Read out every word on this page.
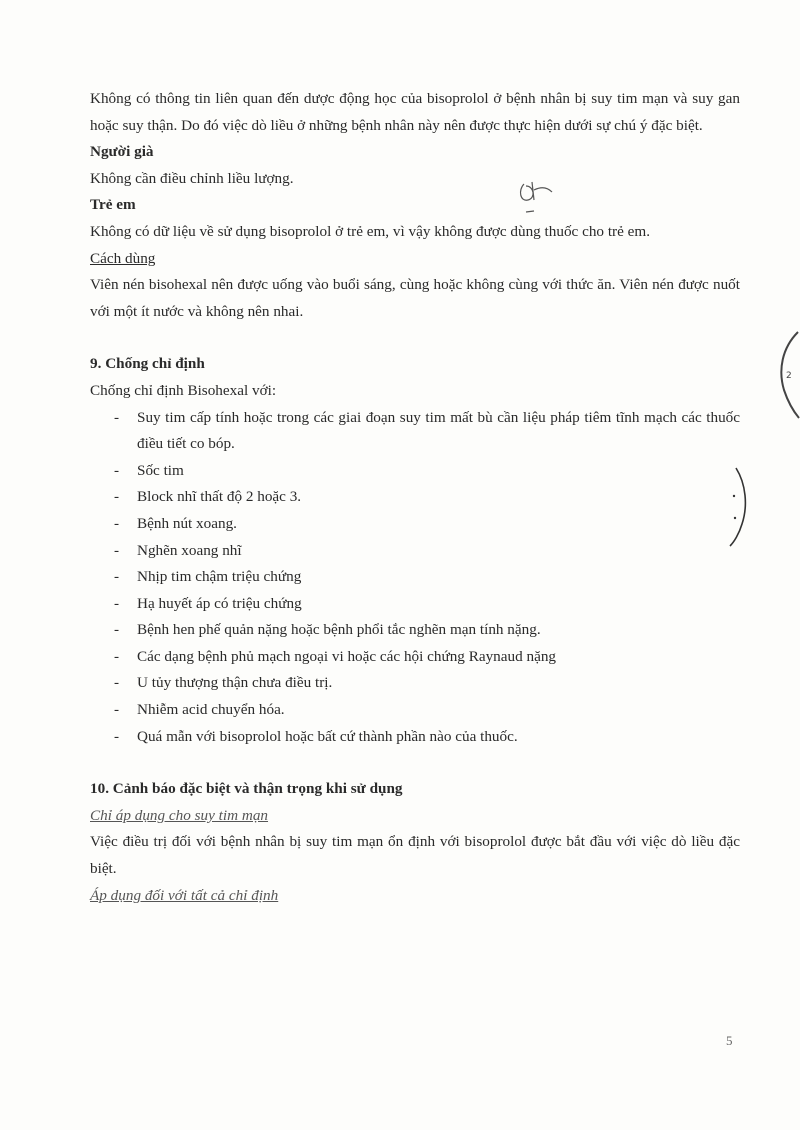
2

Không có thông tin liên quan đến dược động học của bisoprolol ở bệnh nhân bị suy tim mạn và suy gan hoặc suy thận. Do đó việc dò liều ở những bệnh nhân này nên được thực hiện dưới sự chú ý đặc biệt.

Người già

Không cần điều chỉnh liều lượng.

Trẻ em

Không có dữ liệu về sử dụng bisoprolol ở trẻ em, vì vậy không được dùng thuốc cho trẻ em.

Cách dùng

Viên nén bisohexal nên được uống vào buổi sáng, cùng hoặc không cùng với thức ăn. Viên nén được nuốt với một ít nước và không nên nhai.

9. Chống chỉ định

Chống chỉ định Bisohexal với:

- Suy tim cấp tính hoặc trong các giai đoạn suy tim mất bù cần liệu pháp tiêm tĩnh mạch các thuốc điều tiết co bóp.
- Sốc tim
- Block nhĩ thất độ 2 hoặc 3.
- Bệnh nút xoang.
- Nghẽn xoang nhĩ
- Nhịp tim chậm triệu chứng
- Hạ huyết áp có triệu chứng
- Bệnh hen phế quản nặng hoặc bệnh phổi tắc nghẽn mạn tính nặng.
- Các dạng bệnh phủ mạch ngoại vi hoặc các hội chứng Raynaud nặng
- U tủy thượng thận chưa điều trị.
- Nhiễm acid chuyển hóa.
- Quá mẫn với bisoprolol hoặc bất cứ thành phần nào của thuốc.

10. Cảnh báo đặc biệt và thận trọng khi sử dụng

Chỉ áp dụng cho suy tim mạn

Việc điều trị đối với bệnh nhân bị suy tim mạn ổn định với bisoprolol được bắt đầu với việc dò liều đặc biệt.

Áp dụng đối với tất cả chỉ định

5
